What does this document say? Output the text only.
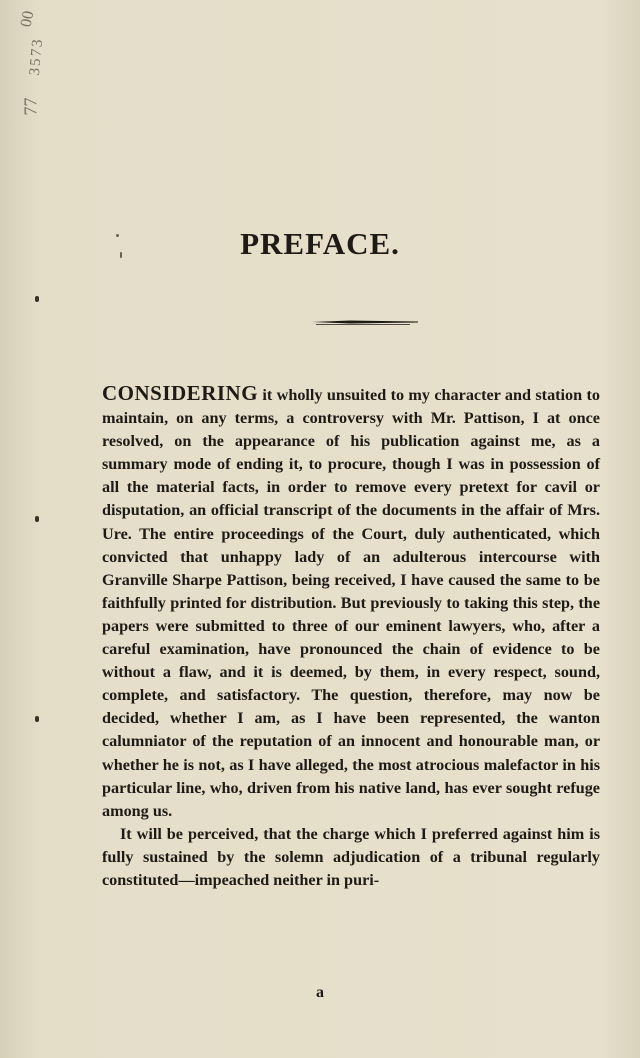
00
3573
77
PREFACE.

CONSIDERING it wholly unsuited to my character and station to maintain, on any terms, a controversy with Mr. Pattison, I at once resolved, on the appearance of his publication against me, as a summary mode of ending it, to procure, though I was in possession of all the material facts, in order to remove every pretext for cavil or disputation, an official transcript of the documents in the affair of Mrs. Ure. The entire proceedings of the Court, duly authenticated, which convicted that unhappy lady of an adulterous intercourse with Granville Sharpe Pattison, being received, I have caused the same to be faithfully printed for distribution. But previously to taking this step, the papers were submitted to three of our eminent lawyers, who, after a careful examination, have pronounced the chain of evidence to be without a flaw, and it is deemed, by them, in every respect, sound, complete, and satisfactory. The question, therefore, may now be decided, whether I am, as I have been represented, the wanton calumniator of the reputation of an innocent and honourable man, or whether he is not, as I have alleged, the most atrocious malefactor in his particular line, who, driven from his native land, has ever sought refuge among us.

It will be perceived, that the charge which I preferred against him is fully sustained by the solemn adjudication of a tribunal regularly constituted—impeached neither in puri-

a
